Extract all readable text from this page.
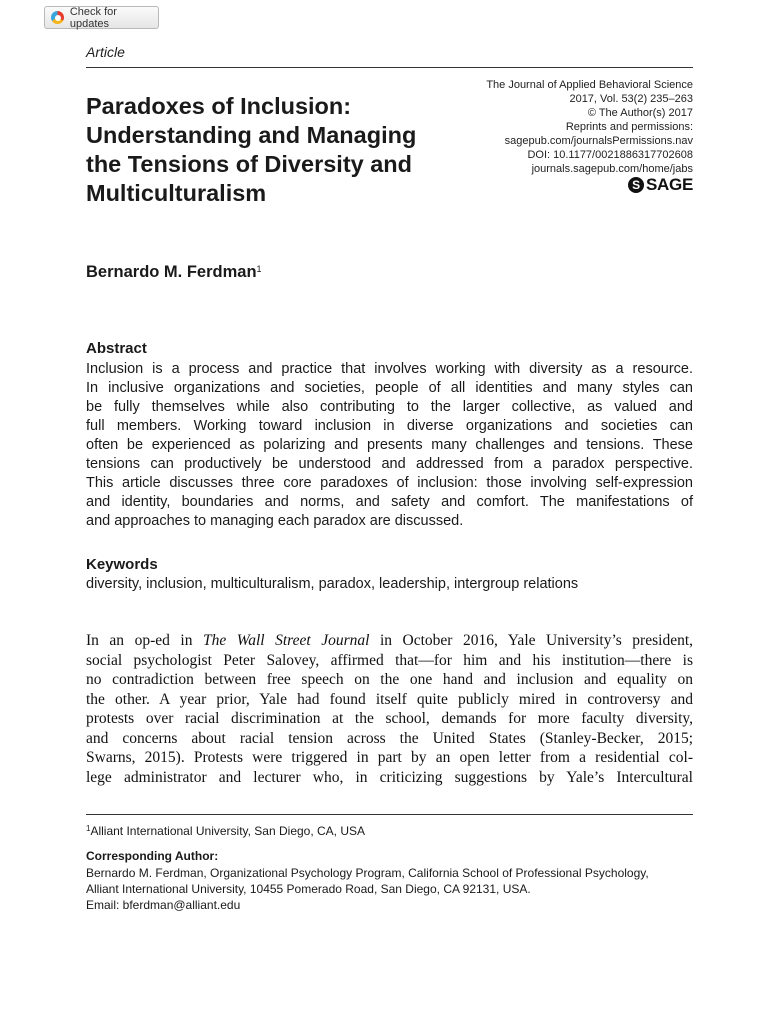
Check for updates
Article
Paradoxes of Inclusion:
Understanding and Managing
the Tensions of Diversity and
Multiculturalism
The Journal of Applied Behavioral Science
2017, Vol. 53(2) 235–263
© The Author(s) 2017
Reprints and permissions:
sagepub.com/journalsPermissions.nav
DOI: 10.1177/0021886317702608
journals.sagepub.com/home/jabs
S SAGE
Bernardo M. Ferdman$^1$
Abstract
Inclusion is a process and practice that involves working with diversity as a resource.
In inclusive organizations and societies, people of all identities and many styles can
be fully themselves while also contributing to the larger collective, as valued and
full members. Working toward inclusion in diverse organizations and societies can
often be experienced as polarizing and presents many challenges and tensions. These
tensions can productively be understood and addressed from a paradox perspective.
This article discusses three core paradoxes of inclusion: those involving self-expression
and identity, boundaries and norms, and safety and comfort. The manifestations of
and approaches to managing each paradox are discussed.
Keywords
diversity, inclusion, multiculturalism, paradox, leadership, intergroup relations
In an op-ed in The Wall Street Journal in October 2016, Yale University’s president,
social psychologist Peter Salovey, affirmed that—for him and his institution—there is
no contradiction between free speech on the one hand and inclusion and equality on
the other. A year prior, Yale had found itself quite publicly mired in controversy and
protests over racial discrimination at the school, demands for more faculty diversity,
and concerns about racial tension across the United States (Stanley-Becker, 2015;
Swarns, 2015). Protests were triggered in part by an open letter from a residential col-
lege administrator and lecturer who, in criticizing suggestions by Yale’s Intercultural
$^1$Alliant International University, San Diego, CA, USA
Corresponding Author:
Bernardo M. Ferdman, Organizational Psychology Program, California School of Professional Psychology,
Alliant International University, 10455 Pomerado Road, San Diego, CA 92131, USA.
Email: bferdman@alliant.edu
